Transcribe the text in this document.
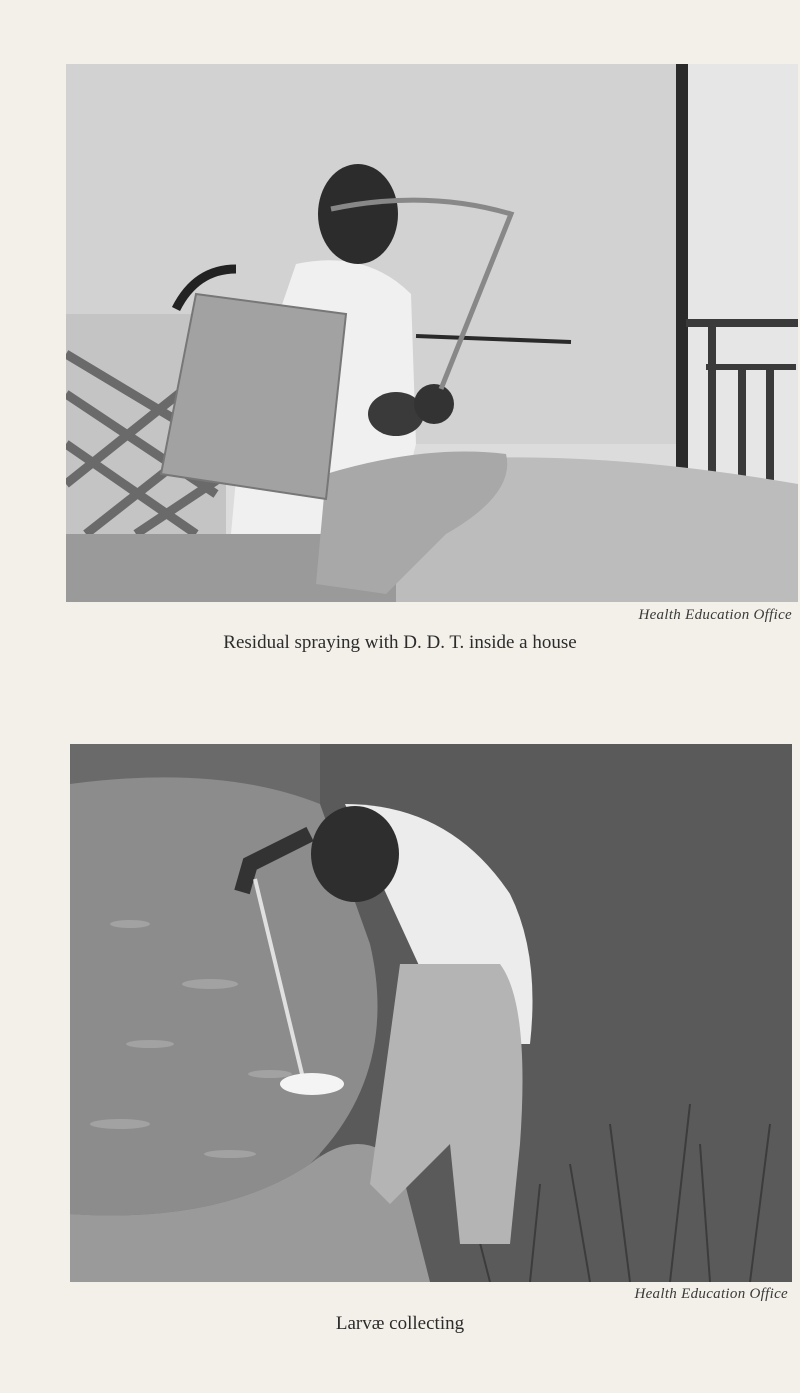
Health Education Office
Residual spraying with D. D. T. inside a house
Health Education Office
Larvæ collecting
